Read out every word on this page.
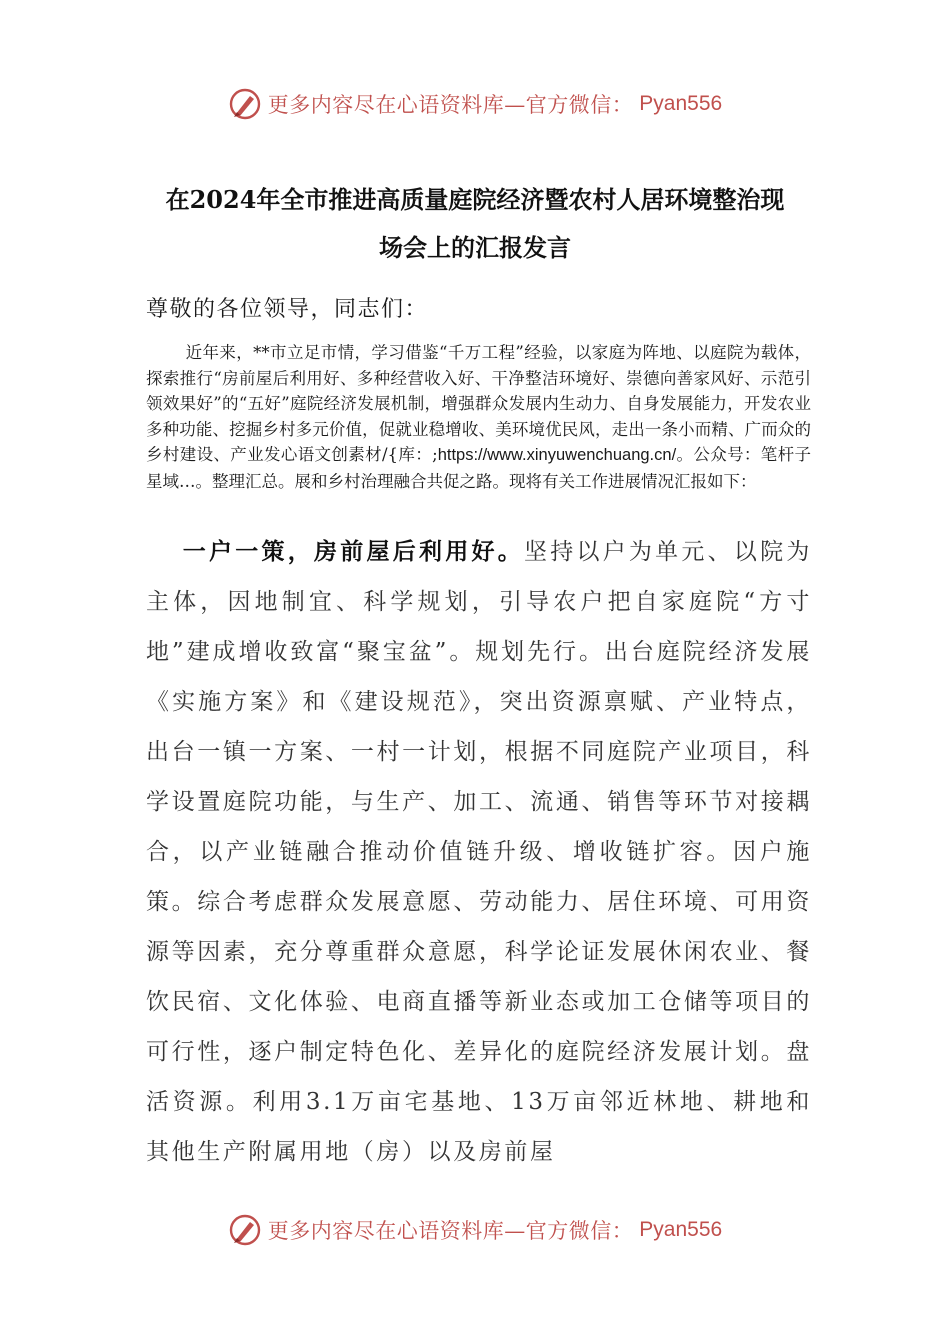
更多内容尽在心语资料库—官方微信： Pyan556
在2024年全市推进高质量庭院经济暨农村人居环境整治现
场会上的汇报发言
尊敬的各位领导，同志们：

近年来，**市立足市情，学习借鉴“千万工程”经验，以家庭为阵地、以庭院为载体，探索推行“房前屋后利用好、多种经营收入好、干净整洁环境好、崇德向善家风好、示范引领效果好”的“五好”庭院经济发展机制，增强群众发展内生动力、自身发展能力，开发农业多种功能、挖掘乡村多元价值，促就业稳增收、美环境优民风，走出一条小而精、广而众的乡村建设、产业发心语文创素材/{库：;https://www.xinyuwenchuang.cn/。公众号：笔杆子星域…。整理汇总。展和乡村治理融合共促之路。现将有关工作进展情况汇报如下：

一户一策，房前屋后利用好。坚持以户为单元、以院为主体，因地制宜、科学规划，引导农户把自家庭院“方寸地”建成增收致富“聚宝盆”。规划先行。出台庭院经济发展《实施方案》和《建设规范》，突出资源禀赋、产业特点，出台一镇一方案、一村一计划，根据不同庭院产业项目，科学设置庭院功能，与生产、加工、流通、销售等环节对接耦合，以产业链融合推动价值链升级、增收链扩容。因户施策。综合考虑群众发展意愿、劳动能力、居住环境、可用资源等因素，充分尊重群众意愿，科学论证发展休闲农业、餐饮民宿、文化体验、电商直播等新业态或加工仓储等项目的可行性，逐户制定特色化、差异化的庭院经济发展计划。盘活资源。利用3.1万亩宅基地、13万亩邻近林地、耕地和其他生产附属用地（房）以及房前屋

更多内容尽在心语资料库—官方微信： Pyan556
